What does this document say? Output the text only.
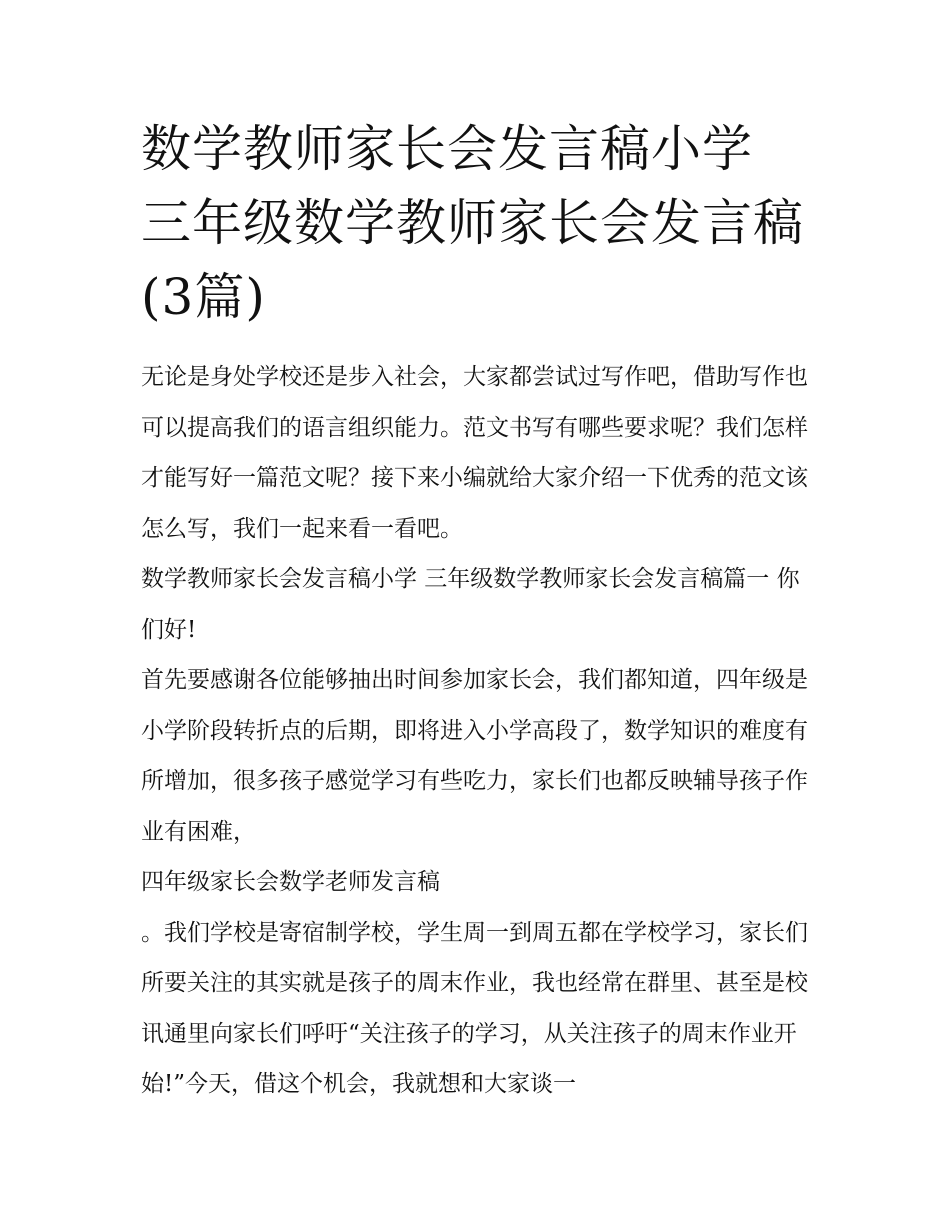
数学教师家长会发言稿小学 三年级数学教师家长会发言稿(3篇)

无论是身处学校还是步入社会，大家都尝试过写作吧，借助写作也可以提高我们的语言组织能力。范文书写有哪些要求呢？我们怎样才能写好一篇范文呢？接下来小编就给大家介绍一下优秀的范文该怎么写，我们一起来看一看吧。

数学教师家长会发言稿小学 三年级数学教师家长会发言稿篇一 你们好!

首先要感谢各位能够抽出时间参加家长会，我们都知道，四年级是小学阶段转折点的后期，即将进入小学高段了，数学知识的难度有所增加，很多孩子感觉学习有些吃力，家长们也都反映辅导孩子作业有困难，

四年级家长会数学老师发言稿

。我们学校是寄宿制学校，学生周一到周五都在学校学习，家长们所要关注的其实就是孩子的周末作业，我也经常在群里、甚至是校讯通里向家长们呼吁“关注孩子的学习，从关注孩子的周末作业开始!”今天，借这个机会，我就想和大家谈一
